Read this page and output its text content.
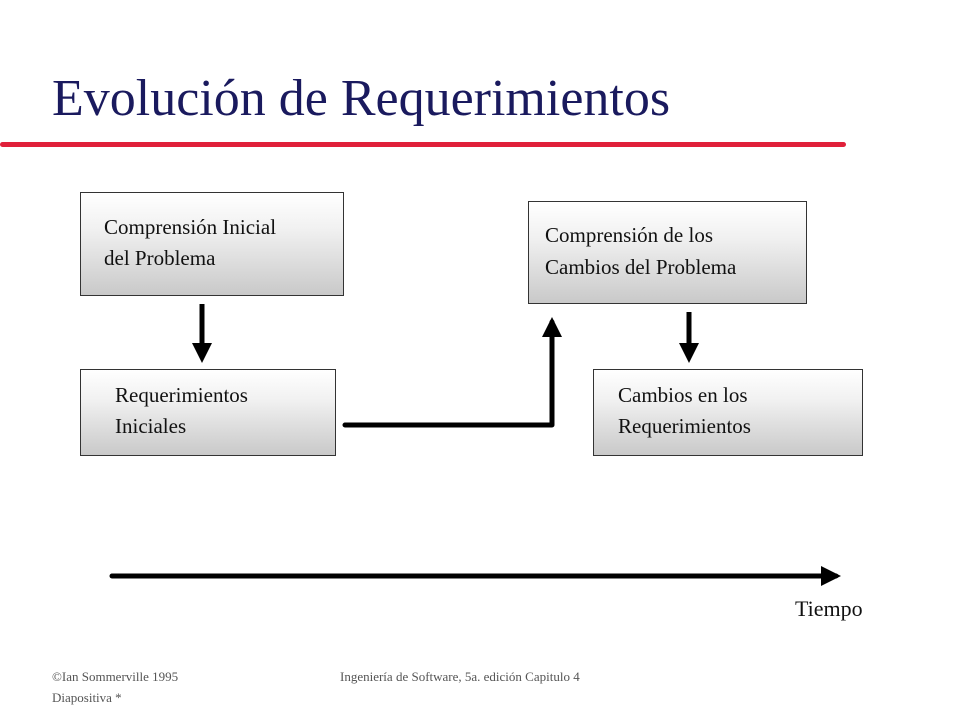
Evolución de Requerimientos
Comprensión Inicial
del Problema
Requerimientos
Iniciales
Comprensión de los
Cambios del Problema
Cambios en los
Requerimientos
Tiempo
©Ian Sommerville 1995
Diapositiva *
Ingeniería de Software, 5a. edición Capitulo 4
